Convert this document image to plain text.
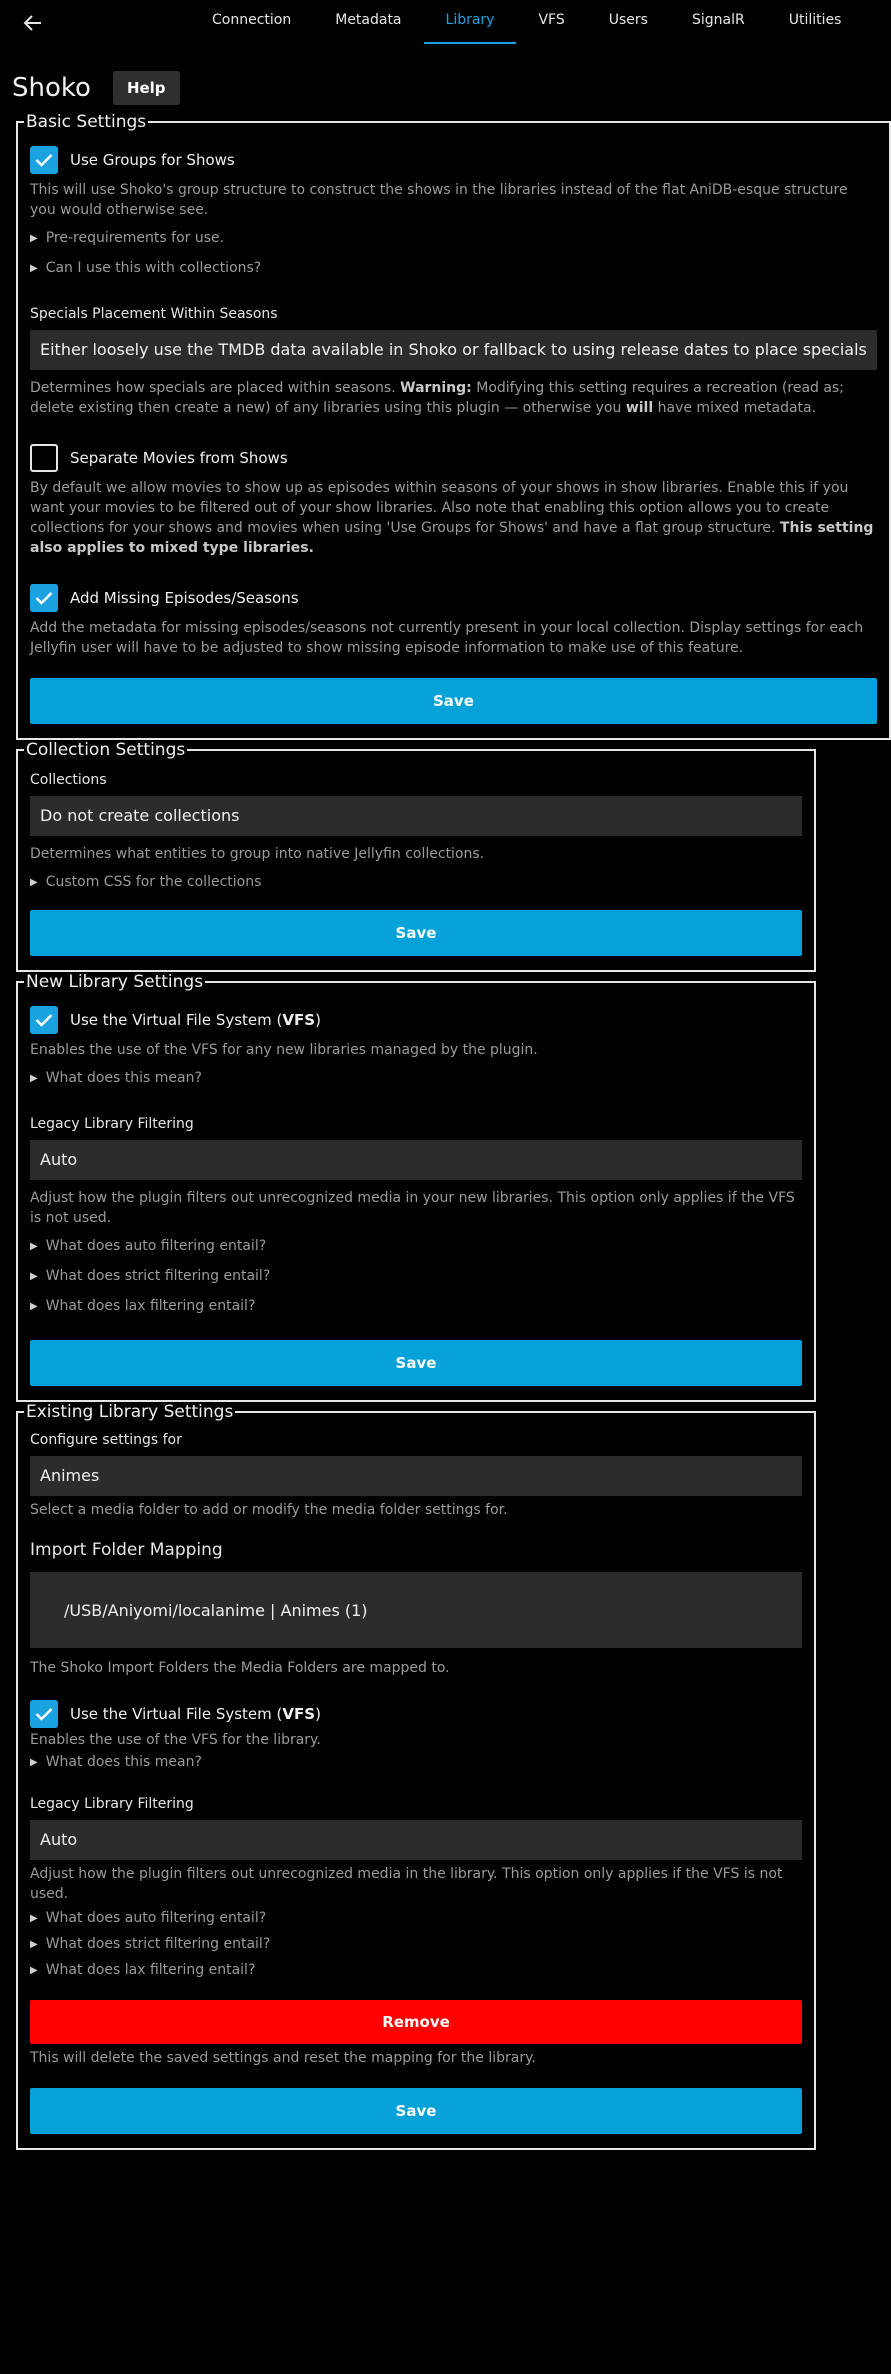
Connection	Metadata	Library	VFS	Users	SignalR	Utilities
Shoko	Help
Basic Settings
Use Groups for Shows
This will use Shoko's group structure to construct the shows in the libraries instead of the flat AniDB-esque structure you would otherwise see.
▶ Pre-requirements for use.
▶ Can I use this with collections?
Specials Placement Within Seasons
Either loosely use the TMDB data available in Shoko or fallback to using release dates to place specials
Determines how specials are placed within seasons. Warning: Modifying this setting requires a recreation (read as; delete existing then create a new) of any libraries using this plugin — otherwise you will have mixed metadata.
Separate Movies from Shows
By default we allow movies to show up as episodes within seasons of your shows in show libraries. Enable this if you want your movies to be filtered out of your show libraries. Also note that enabling this option allows you to create collections for your shows and movies when using 'Use Groups for Shows' and have a flat group structure. This setting also applies to mixed type libraries.
Add Missing Episodes/Seasons
Add the metadata for missing episodes/seasons not currently present in your local collection. Display settings for each Jellyfin user will have to be adjusted to show missing episode information to make use of this feature.
Save
Collection Settings
Collections
Do not create collections
Determines what entities to group into native Jellyfin collections.
▶ Custom CSS for the collections
Save
New Library Settings
Use the Virtual File System (VFS)
Enables the use of the VFS for any new libraries managed by the plugin.
▶ What does this mean?
Legacy Library Filtering
Auto
Adjust how the plugin filters out unrecognized media in your new libraries. This option only applies if the VFS is not used.
▶ What does auto filtering entail?
▶ What does strict filtering entail?
▶ What does lax filtering entail?
Save
Existing Library Settings
Configure settings for
Animes
Select a media folder to add or modify the media folder settings for.
Import Folder Mapping
/USB/Aniyomi/localanime | Animes (1)
The Shoko Import Folders the Media Folders are mapped to.
Use the Virtual File System (VFS)
Enables the use of the VFS for the library.
▶ What does this mean?
Legacy Library Filtering
Auto
Adjust how the plugin filters out unrecognized media in the library. This option only applies if the VFS is not used.
▶ What does auto filtering entail?
▶ What does strict filtering entail?
▶ What does lax filtering entail?
Remove
This will delete the saved settings and reset the mapping for the library.
Save
